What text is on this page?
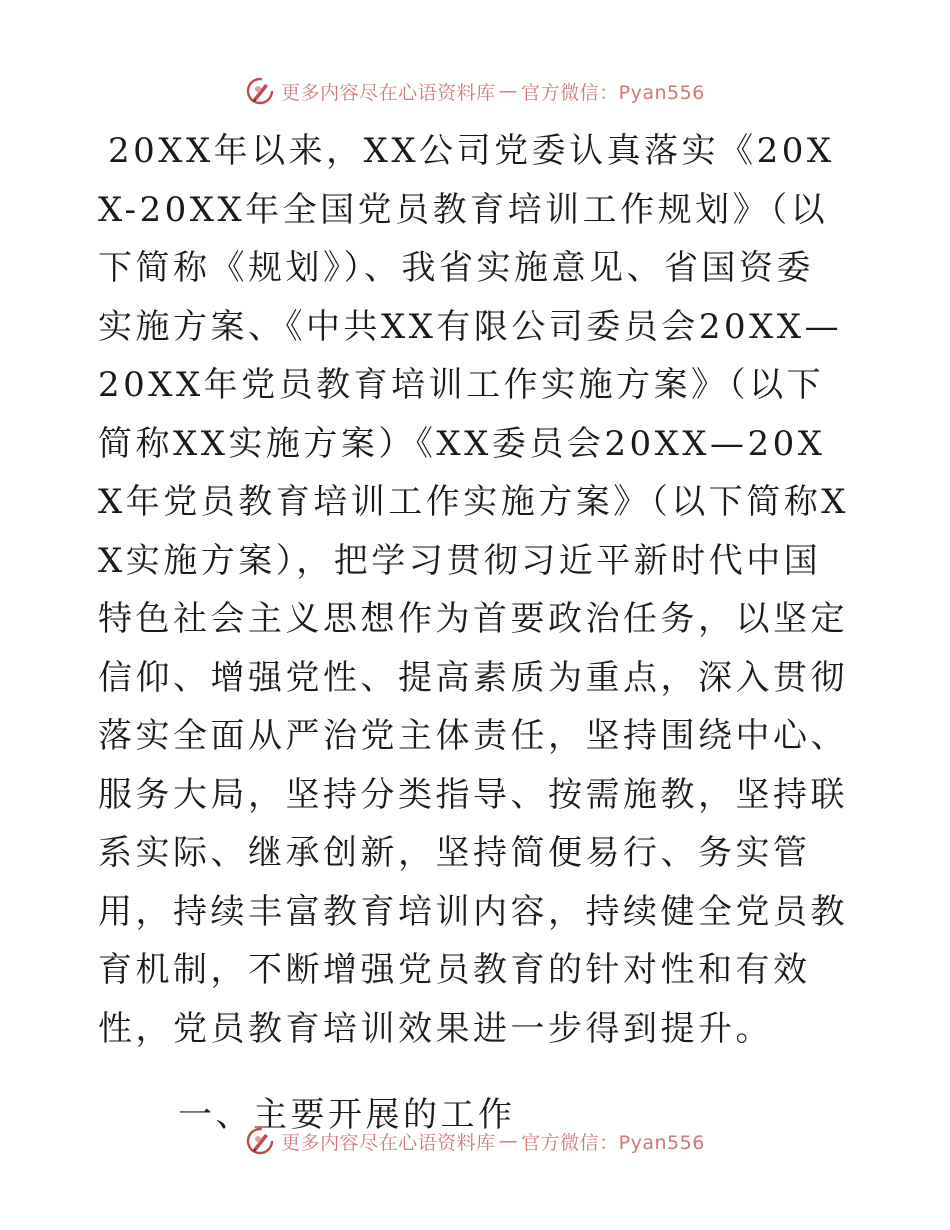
更多内容尽在心语资料库 — 官方微信：Pyan556

20XX年以来，XX公司党委认真落实《20XX-20XX年全国党员教育培训工作规划》（以下简称《规划》）、我省实施意见、省国资委实施方案、《中共XX有限公司委员会20XX—20XX年党员教育培训工作实施方案》（以下简称XX实施方案）《XX委员会20XX—20XX年党员教育培训工作实施方案》（以下简称XX实施方案），把学习贯彻习近平新时代中国特色社会主义思想作为首要政治任务，以坚定信仰、增强党性、提高素质为重点，深入贯彻落实全面从严治党主体责任，坚持围绕中心、服务大局，坚持分类指导、按需施教，坚持联系实际、继承创新，坚持简便易行、务实管用，持续丰富教育培训内容，持续健全党员教育机制，不断增强党员教育的针对性和有效性，党员教育培训效果进一步得到提升。

一、主要开展的工作

更多内容尽在心语资料库 — 官方微信：Pyan556
